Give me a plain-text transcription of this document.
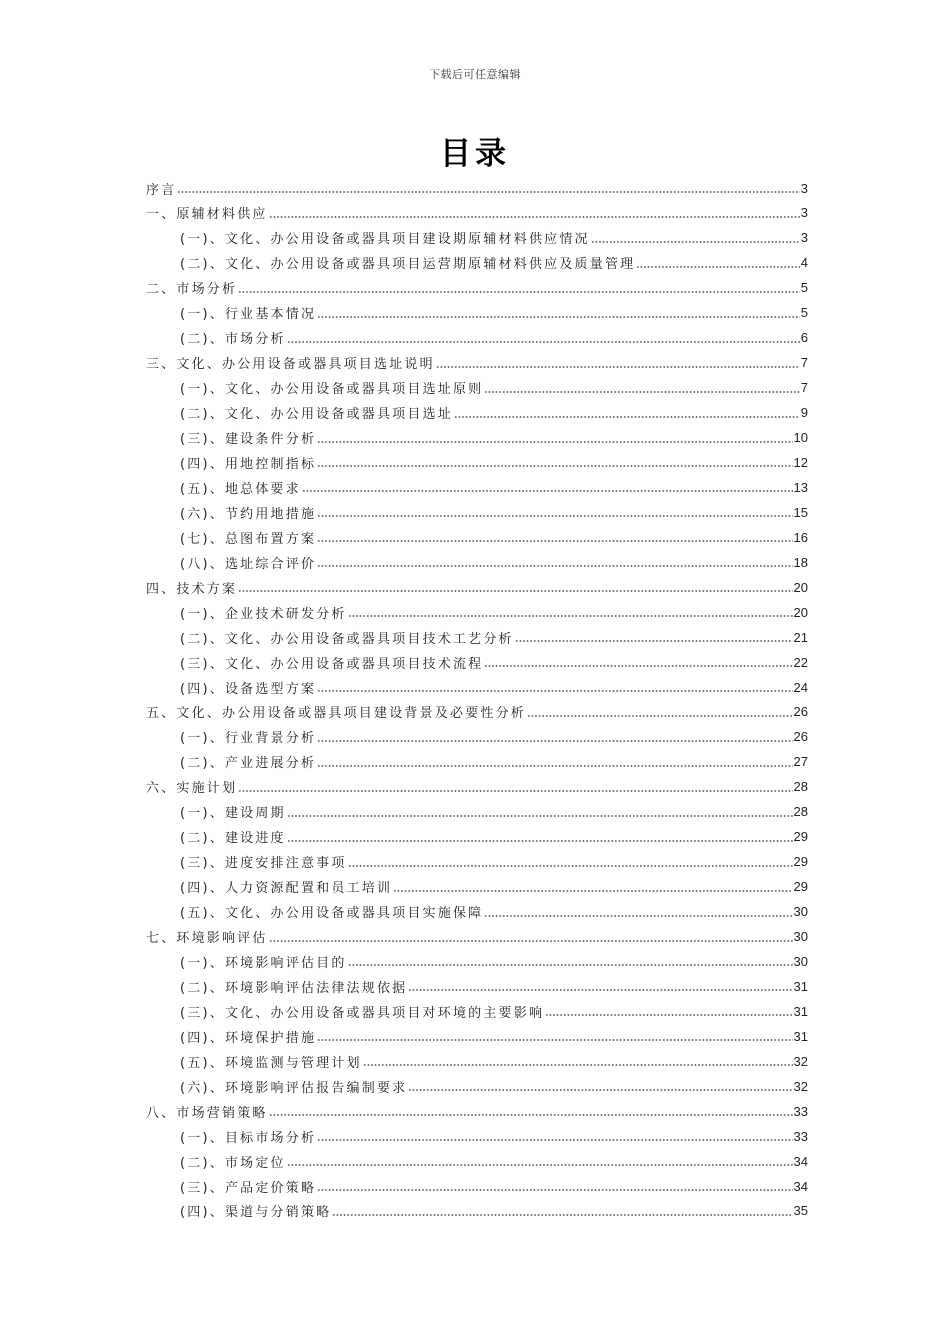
下载后可任意编辑
目录
序言	3
一、原辅材料供应	3
(一)、文化、办公用设备或器具项目建设期原辅材料供应情况	3
(二)、文化、办公用设备或器具项目运营期原辅材料供应及质量管理	4
二、市场分析	5
(一)、行业基本情况	5
(二)、市场分析	6
三、文化、办公用设备或器具项目选址说明	7
(一)、文化、办公用设备或器具项目选址原则	7
(二)、文化、办公用设备或器具项目选址	9
(三)、建设条件分析	10
(四)、用地控制指标	12
(五)、地总体要求	13
(六)、节约用地措施	15
(七)、总图布置方案	16
(八)、选址综合评价	18
四、技术方案	20
(一)、企业技术研发分析	20
(二)、文化、办公用设备或器具项目技术工艺分析	21
(三)、文化、办公用设备或器具项目技术流程	22
(四)、设备选型方案	24
五、文化、办公用设备或器具项目建设背景及必要性分析	26
(一)、行业背景分析	26
(二)、产业进展分析	27
六、实施计划	28
(一)、建设周期	28
(二)、建设进度	29
(三)、进度安排注意事项	29
(四)、人力资源配置和员工培训	29
(五)、文化、办公用设备或器具项目实施保障	30
七、环境影响评估	30
(一)、环境影响评估目的	30
(二)、环境影响评估法律法规依据	31
(三)、文化、办公用设备或器具项目对环境的主要影响	31
(四)、环境保护措施	31
(五)、环境监测与管理计划	32
(六)、环境影响评估报告编制要求	32
八、市场营销策略	33
(一)、目标市场分析	33
(二)、市场定位	34
(三)、产品定价策略	34
(四)、渠道与分销策略	35
